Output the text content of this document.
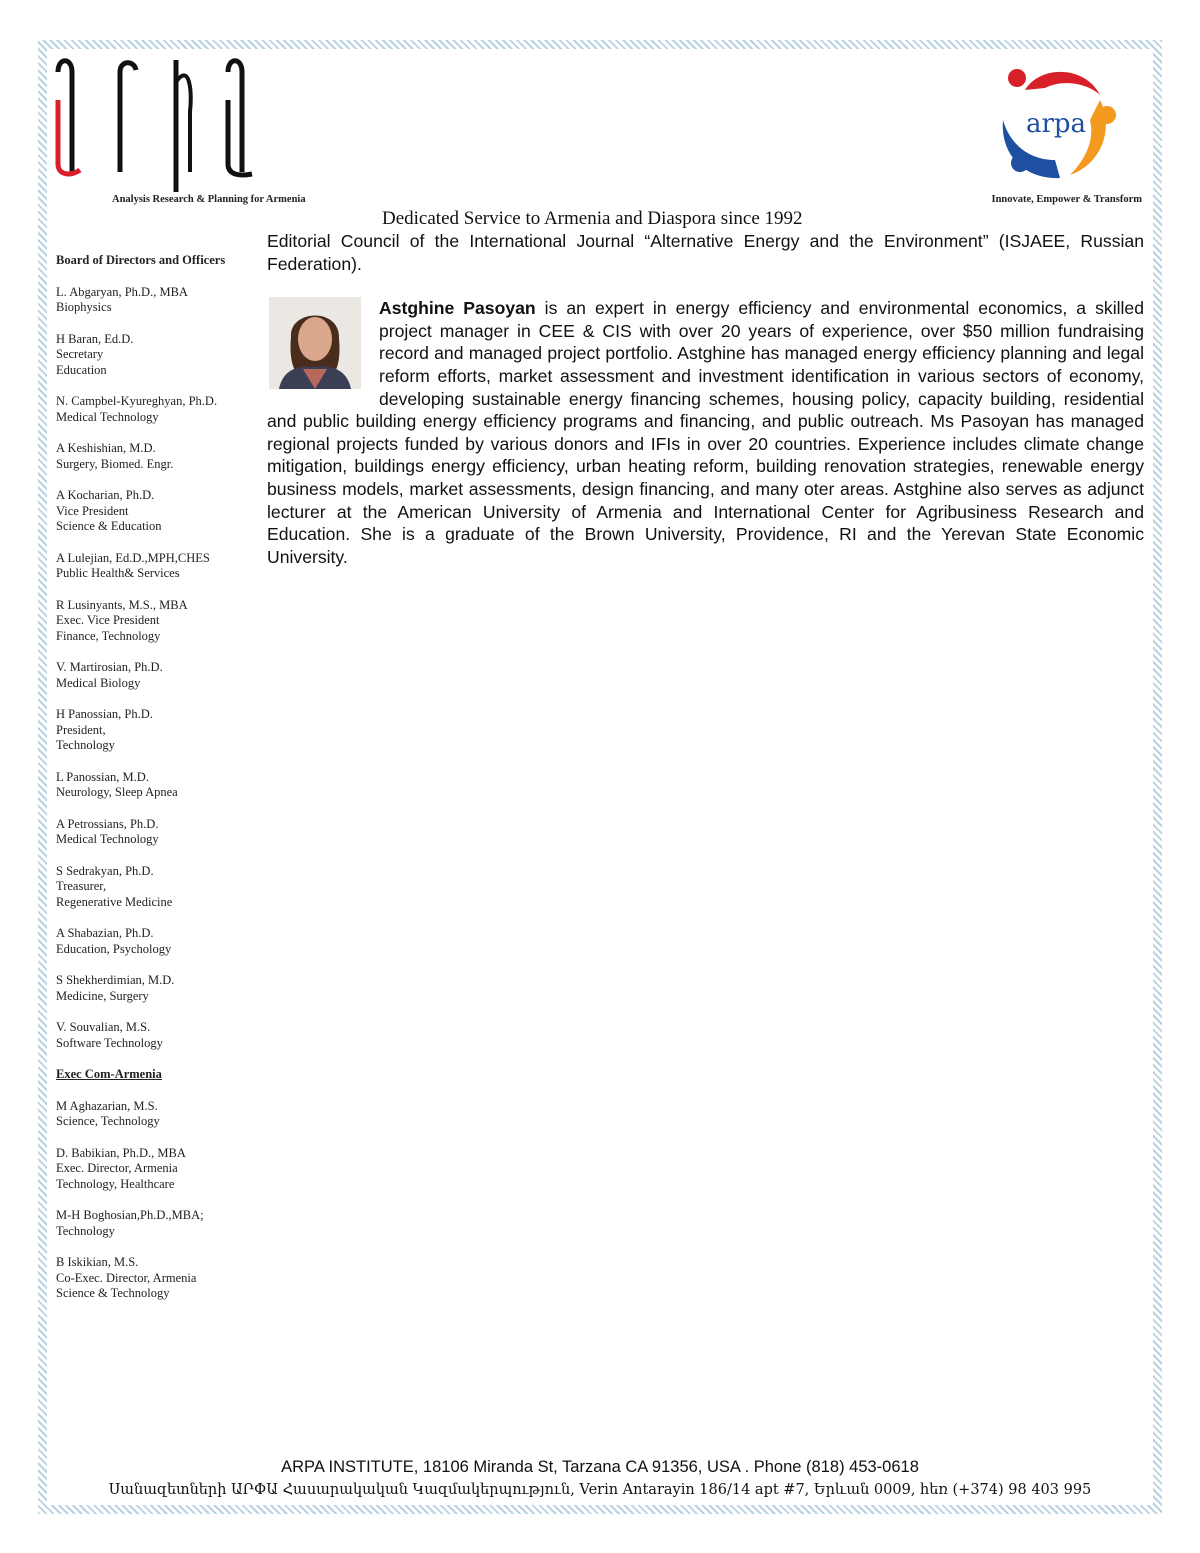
Analysis Research & Planning for Armenia
arpa
Innovate, Empower & Transform
Dedicated Service to Armenia and Diaspora since 1992
Board of Directors and Officers
L. Abgaryan, Ph.D., MBA
Biophysics
H Baran, Ed.D.
Secretary
Education
N. Campbel-Kyureghyan, Ph.D.
Medical Technology
A Keshishian, M.D.
Surgery, Biomed. Engr.
A Kocharian, Ph.D.
Vice President
Science & Education
A Lulejian, Ed.D.,MPH,CHES
Public Health& Services
R Lusinyants, M.S., MBA
Exec. Vice President
Finance, Technology
V. Martirosian, Ph.D.
Medical Biology
H Panossian, Ph.D.
President,
Technology
L Panossian, M.D.
Neurology, Sleep Apnea
A Petrossians, Ph.D.
Medical Technology
S Sedrakyan, Ph.D.
Treasurer,
Regenerative Medicine
A Shabazian, Ph.D.
Education, Psychology
S Shekherdimian, M.D.
Medicine, Surgery
V. Souvalian, M.S.
Software Technology
Exec Com-Armenia
M Aghazarian, M.S.
Science, Technology
D. Babikian, Ph.D., MBA
Exec. Director, Armenia
Technology, Healthcare
M-H Boghosian,Ph.D.,MBA;
Technology
B Iskikian, M.S.
Co-Exec. Director, Armenia
Science & Technology

Editorial Council of the International Journal “Alternative Energy and the Environment” (ISJAEE, Russian Federation).

Astghine Pasoyan is an expert in energy efficiency and environmental economics, a skilled project manager in CEE & CIS with over 20 years of experience, over $50 million fundraising record and managed project portfolio. Astghine has managed energy efficiency planning and legal reform efforts, market assessment and investment identification in various sectors of economy, developing sustainable energy financing schemes, housing policy, capacity building, residential and public building energy efficiency programs and financing, and public outreach. Ms Pasoyan has managed regional projects funded by various donors and IFIs in over 20 countries. Experience includes climate change mitigation, buildings energy efficiency, urban heating reform, building renovation strategies, renewable energy business models, market assessments, design financing, and many oter areas. Astghine also serves as adjunct lecturer at the American University of Armenia and International Center for Agribusiness Research and Education. She is a graduate of the Brown University, Providence, RI and the Yerevan State Economic University.

ARPA INSTITUTE, 18106 Miranda St, Tarzana CA 91356, USA . Phone (818) 453-0618
Սանազետների ԱՐՓԱ Հասարակական Կազմակերպություն, Verin Antarayin 186/14 apt #7, Երևան 0009, հեռ (+374) 98 403 995
